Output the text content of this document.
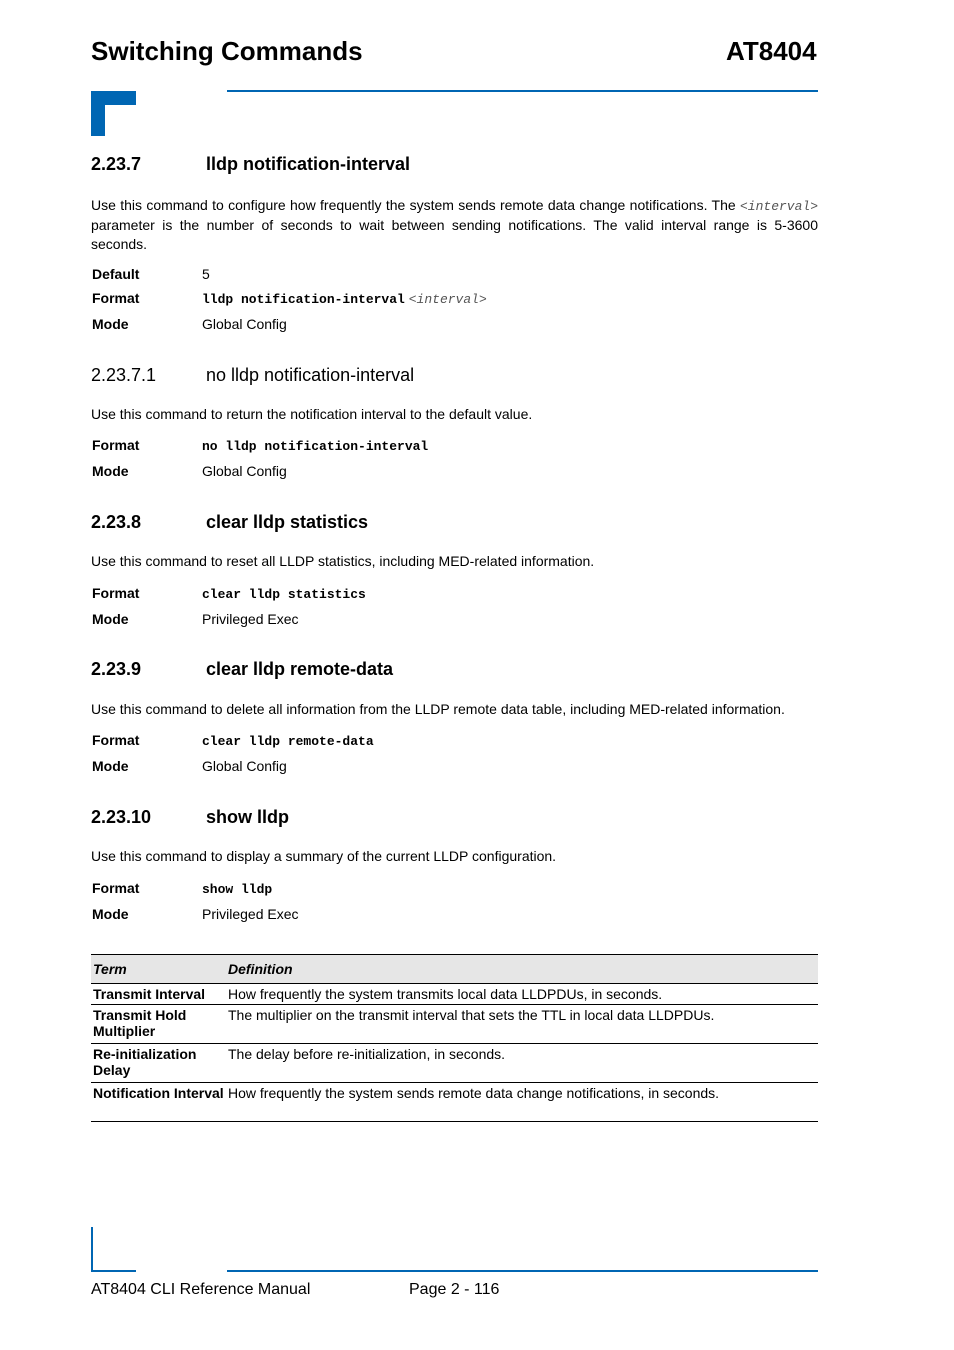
Switching Commands	AT8404
2.23.7	lldp notification-interval
Use this command to configure how frequently the system sends remote data change notifications. The <interval> parameter is the number of seconds to wait between sending notifications. The valid interval range is 5-3600 seconds.
Default	5
Format	lldp notification-interval <interval>
Mode	Global Config
2.23.7.1	no lldp notification-interval
Use this command to return the notification interval to the default value.
Format	no lldp notification-interval
Mode	Global Config
2.23.8	clear lldp statistics
Use this command to reset all LLDP statistics, including MED-related information.
Format	clear lldp statistics
Mode	Privileged Exec
2.23.9	clear lldp remote-data
Use this command to delete all information from the LLDP remote data table, including MED-related information.
Format	clear lldp remote-data
Mode	Global Config
2.23.10	show lldp
Use this command to display a summary of the current LLDP configuration.
Format	show lldp
Mode	Privileged Exec
Term	Definition
Transmit Interval	How frequently the system transmits local data LLDPDUs, in seconds.
Transmit Hold Multiplier	The multiplier on the transmit interval that sets the TTL in local data LLDPDUs.
Re-initialization Delay	The delay before re-initialization, in seconds.
Notification Interval	How frequently the system sends remote data change notifications, in seconds.
AT8404 CLI Reference Manual	Page 2 - 116
